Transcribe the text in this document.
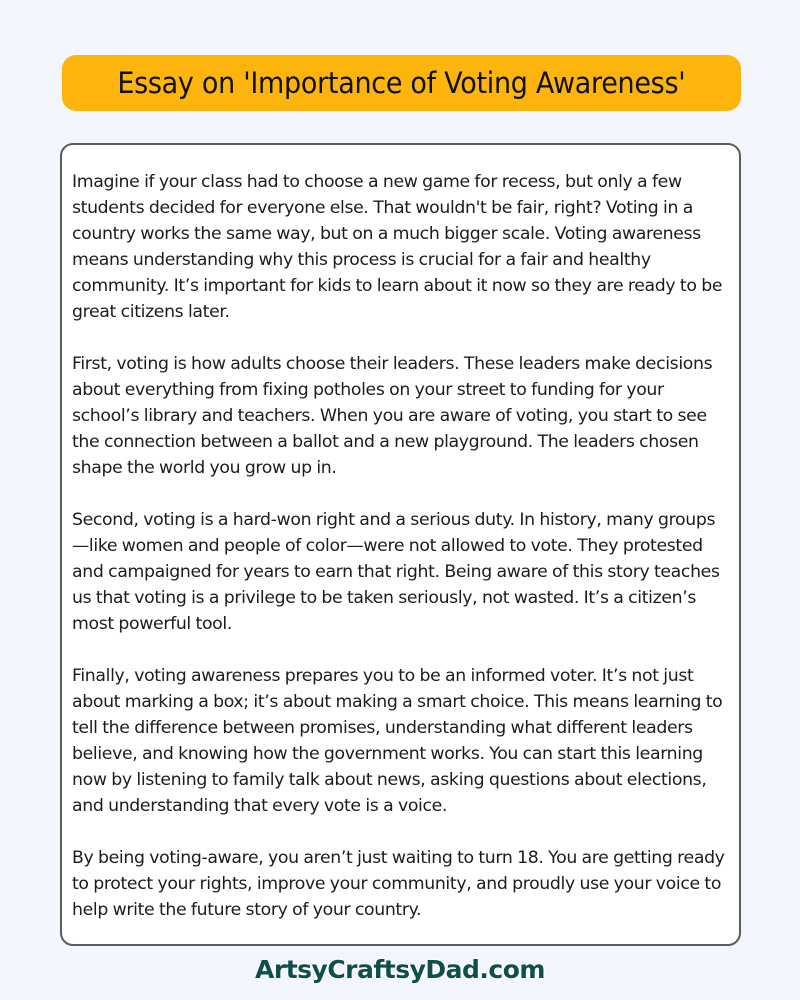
Essay on 'Importance of Voting Awareness'

Imagine if your class had to choose a new game for recess, but only a few students decided for everyone else. That wouldn't be fair, right? Voting in a country works the same way, but on a much bigger scale. Voting awareness means understanding why this process is crucial for a fair and healthy community. It’s important for kids to learn about it now so they are ready to be great citizens later.

First, voting is how adults choose their leaders. These leaders make decisions about everything from fixing potholes on your street to funding for your school’s library and teachers. When you are aware of voting, you start to see the connection between a ballot and a new playground. The leaders chosen shape the world you grow up in.

Second, voting is a hard-won right and a serious duty. In history, many groups—like women and people of color—were not allowed to vote. They protested and campaigned for years to earn that right. Being aware of this story teaches us that voting is a privilege to be taken seriously, not wasted. It’s a citizen’s most powerful tool.

Finally, voting awareness prepares you to be an informed voter. It’s not just about marking a box; it’s about making a smart choice. This means learning to tell the difference between promises, understanding what different leaders believe, and knowing how the government works. You can start this learning now by listening to family talk about news, asking questions about elections, and understanding that every vote is a voice.

By being voting-aware, you aren’t just waiting to turn 18. You are getting ready to protect your rights, improve your community, and proudly use your voice to help write the future story of your country.

ArtsyCraftsyDad.com
